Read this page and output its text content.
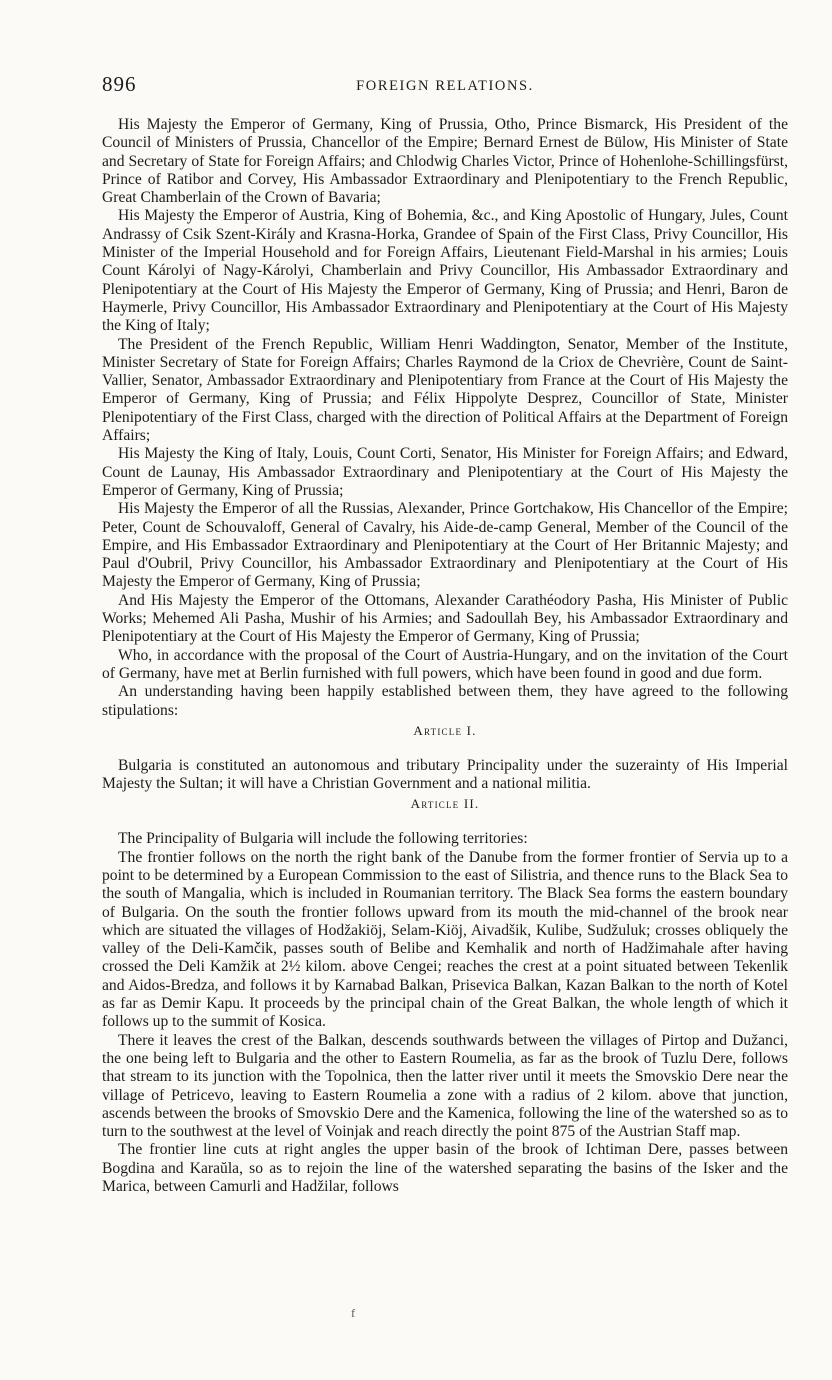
896	FOREIGN RELATIONS.

His Majesty the Emperor of Germany, King of Prussia, Otho, Prince Bismarck, His President of the Council of Ministers of Prussia, Chancellor of the Empire; Bernard Ernest de Bülow, His Minister of State and Secretary of State for Foreign Affairs; and Chlodwig Charles Victor, Prince of Hohenlohe-Schillingsfürst, Prince of Ratibor and Corvey, His Ambassador Extraordinary and Plenipotentiary to the French Republic, Great Chamberlain of the Crown of Bavaria;

His Majesty the Emperor of Austria, King of Bohemia, &c., and King Apostolic of Hungary, Jules, Count Andrassy of Csik Szent-Király and Krasna-Horka, Grandee of Spain of the First Class, Privy Councillor, His Minister of the Imperial Household and for Foreign Affairs, Lieutenant Field-Marshal in his armies; Louis Count Károlyi of Nagy-Károlyi, Chamberlain and Privy Councillor, His Ambassador Extraordinary and Plenipotentiary at the Court of His Majesty the Emperor of Germany, King of Prussia; and Henri, Baron de Haymerle, Privy Councillor, His Ambassador Extraordinary and Plenipotentiary at the Court of His Majesty the King of Italy;

The President of the French Republic, William Henri Waddington, Senator, Member of the Institute, Minister Secretary of State for Foreign Affairs; Charles Raymond de la Criox de Chevrière, Count de Saint-Vallier, Senator, Ambassador Extraordinary and Plenipotentiary from France at the Court of His Majesty the Emperor of Germany, King of Prussia; and Félix Hippolyte Desprez, Councillor of State, Minister Plenipotentiary of the First Class, charged with the direction of Political Affairs at the Department of Foreign Affairs;

His Majesty the King of Italy, Louis, Count Corti, Senator, His Minister for Foreign Affairs; and Edward, Count de Launay, His Ambassador Extraordinary and Plenipotentiary at the Court of His Majesty the Emperor of Germany, King of Prussia;

His Majesty the Emperor of all the Russias, Alexander, Prince Gortchakow, His Chancellor of the Empire; Peter, Count de Schouvaloff, General of Cavalry, his Aide-de-camp General, Member of the Council of the Empire, and His Embassador Extraordinary and Plenipotentiary at the Court of Her Britannic Majesty; and Paul d'Oubril, Privy Councillor, his Ambassador Extraordinary and Plenipotentiary at the Court of His Majesty the Emperor of Germany, King of Prussia;

And His Majesty the Emperor of the Ottomans, Alexander Carathéodory Pasha, His Minister of Public Works; Mehemed Ali Pasha, Mushir of his Armies; and Sadoullah Bey, his Ambassador Extraordinary and Plenipotentiary at the Court of His Majesty the Emperor of Germany, King of Prussia;

Who, in accordance with the proposal of the Court of Austria-Hungary, and on the invitation of the Court of Germany, have met at Berlin furnished with full powers, which have been found in good and due form.

An understanding having been happily established between them, they have agreed to the following stipulations:

Article I.

Bulgaria is constituted an autonomous and tributary Principality under the suzerainty of His Imperial Majesty the Sultan; it will have a Christian Government and a national militia.

Article II.

The Principality of Bulgaria will include the following territories:

The frontier follows on the north the right bank of the Danube from the former frontier of Servia up to a point to be determined by a European Commission to the east of Silistria, and thence runs to the Black Sea to the south of Mangalia, which is included in Roumanian territory. The Black Sea forms the eastern boundary of Bulgaria. On the south the frontier follows upward from its mouth the mid-channel of the brook near which are situated the villages of Hodžakiöj, Selam-Kiöj, Aivadšik, Kulibe, Sudžuluk; crosses obliquely the valley of the Deli-Kamčik, passes south of Belibe and Kemhalik and north of Hadžimahale after having crossed the Deli Kamžik at 2½ kilom. above Cengei; reaches the crest at a point situated between Tekenlik and Aidos-Bredza, and follows it by Karnabad Balkan, Prisevica Balkan, Kazan Balkan to the north of Kotel as far as Demir Kapu. It proceeds by the principal chain of the Great Balkan, the whole length of which it follows up to the summit of Kosica.

There it leaves the crest of the Balkan, descends southwards between the villages of Pirtop and Dužanci, the one being left to Bulgaria and the other to Eastern Roumelia, as far as the brook of Tuzlu Dere, follows that stream to its junction with the Topolnica, then the latter river until it meets the Smovskio Dere near the village of Petricevo, leaving to Eastern Roumelia a zone with a radius of 2 kilom. above that junction, ascends between the brooks of Smovskio Dere and the Kamenica, following the line of the watershed so as to turn to the southwest at the level of Voinjak and reach directly the point 875 of the Austrian Staff map.

The frontier line cuts at right angles the upper basin of the brook of Ichtiman Dere, passes between Bogdina and Karaŭla, so as to rejoin the line of the watershed separating the basins of the Isker and the Marica, between Camurli and Hadžilar, follows

f
